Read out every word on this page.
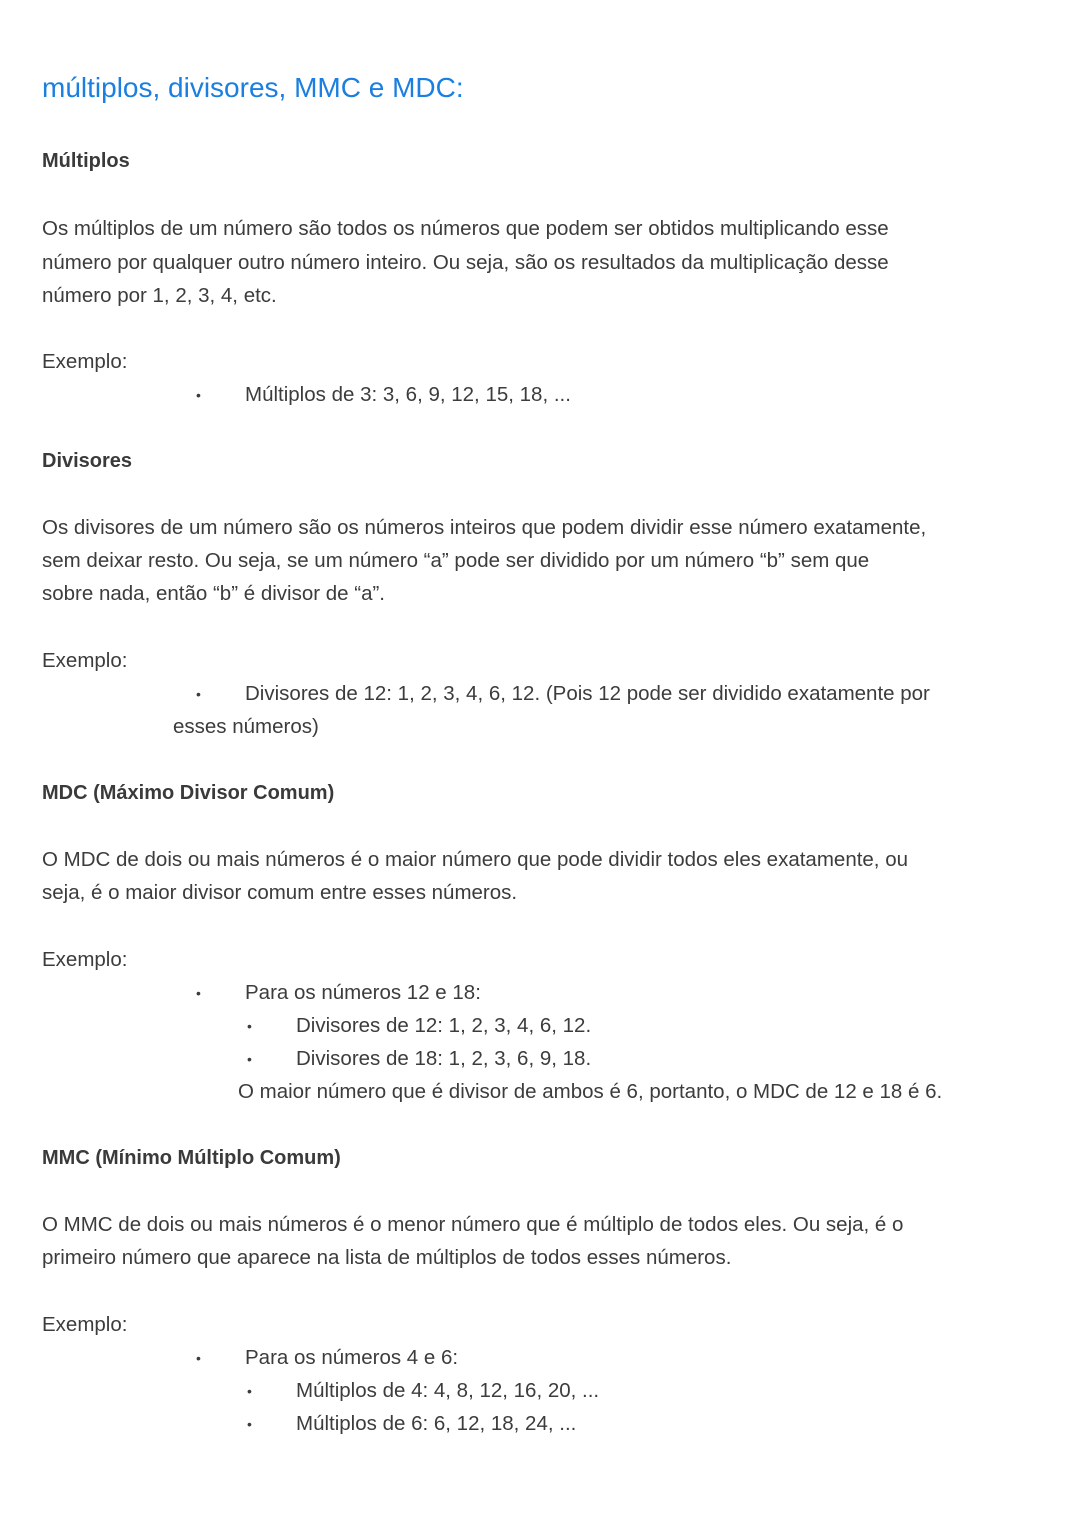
múltiplos, divisores, MMC e MDC:
Múltiplos
Os múltiplos de um número são todos os números que podem ser obtidos multiplicando esse
número por qualquer outro número inteiro. Ou seja, são os resultados da multiplicação desse
número por 1, 2, 3, 4, etc.
Exemplo:
• Múltiplos de 3: 3, 6, 9, 12, 15, 18, ...
Divisores
Os divisores de um número são os números inteiros que podem dividir esse número exatamente,
sem deixar resto. Ou seja, se um número “a” pode ser dividido por um número “b” sem que
sobre nada, então “b” é divisor de “a”.
Exemplo:
• Divisores de 12: 1, 2, 3, 4, 6, 12. (Pois 12 pode ser dividido exatamente por
esses números)
MDC (Máximo Divisor Comum)
O MDC de dois ou mais números é o maior número que pode dividir todos eles exatamente, ou
seja, é o maior divisor comum entre esses números.
Exemplo:
• Para os números 12 e 18:
• Divisores de 12: 1, 2, 3, 4, 6, 12.
• Divisores de 18: 1, 2, 3, 6, 9, 18.
O maior número que é divisor de ambos é 6, portanto, o MDC de 12 e 18 é 6.
MMC (Mínimo Múltiplo Comum)
O MMC de dois ou mais números é o menor número que é múltiplo de todos eles. Ou seja, é o
primeiro número que aparece na lista de múltiplos de todos esses números.
Exemplo:
• Para os números 4 e 6:
• Múltiplos de 4: 4, 8, 12, 16, 20, ...
• Múltiplos de 6: 6, 12, 18, 24, ...
